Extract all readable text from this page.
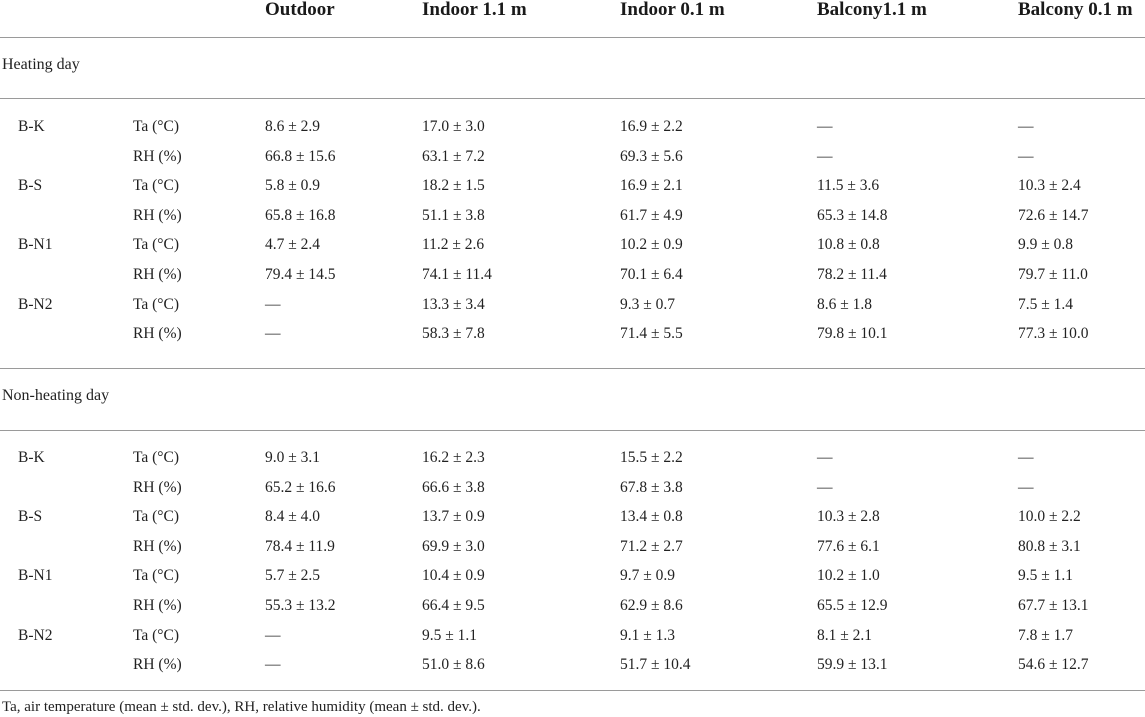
Outdoor	Indoor 1.1 m	Indoor 0.1 m	Balcony1.1 m	Balcony 0.1 m
Heating day
Non-heating day
Ta, air temperature (mean ± std. dev.), RH, relative humidity (mean ± std. dev.).
B-K	Ta (°C)	8.6 ± 2.9	17.0 ± 3.0	16.9 ± 2.2	—	—
RH (%)	66.8 ± 15.6	63.1 ± 7.2	69.3 ± 5.6	—	—
B-S	Ta (°C)	5.8 ± 0.9	18.2 ± 1.5	16.9 ± 2.1	11.5 ± 3.6	10.3 ± 2.4
RH (%)	65.8 ± 16.8	51.1 ± 3.8	61.7 ± 4.9	65.3 ± 14.8	72.6 ± 14.7
B-N1	Ta (°C)	4.7 ± 2.4	11.2 ± 2.6	10.2 ± 0.9	10.8 ± 0.8	9.9 ± 0.8
RH (%)	79.4 ± 14.5	74.1 ± 11.4	70.1 ± 6.4	78.2 ± 11.4	79.7 ± 11.0
B-N2	Ta (°C)	—	13.3 ± 3.4	9.3 ± 0.7	8.6 ± 1.8	7.5 ± 1.4
RH (%)	—	58.3 ± 7.8	71.4 ± 5.5	79.8 ± 10.1	77.3 ± 10.0
B-K	Ta (°C)	9.0 ± 3.1	16.2 ± 2.3	15.5 ± 2.2	—	—
RH (%)	65.2 ± 16.6	66.6 ± 3.8	67.8 ± 3.8	—	—
B-S	Ta (°C)	8.4 ± 4.0	13.7 ± 0.9	13.4 ± 0.8	10.3 ± 2.8	10.0 ± 2.2
RH (%)	78.4 ± 11.9	69.9 ± 3.0	71.2 ± 2.7	77.6 ± 6.1	80.8 ± 3.1
B-N1	Ta (°C)	5.7 ± 2.5	10.4 ± 0.9	9.7 ± 0.9	10.2 ± 1.0	9.5 ± 1.1
RH (%)	55.3 ± 13.2	66.4 ± 9.5	62.9 ± 8.6	65.5 ± 12.9	67.7 ± 13.1
B-N2	Ta (°C)	—	9.5 ± 1.1	9.1 ± 1.3	8.1 ± 2.1	7.8 ± 1.7
RH (%)	—	51.0 ± 8.6	51.7 ± 10.4	59.9 ± 13.1	54.6 ± 12.7
